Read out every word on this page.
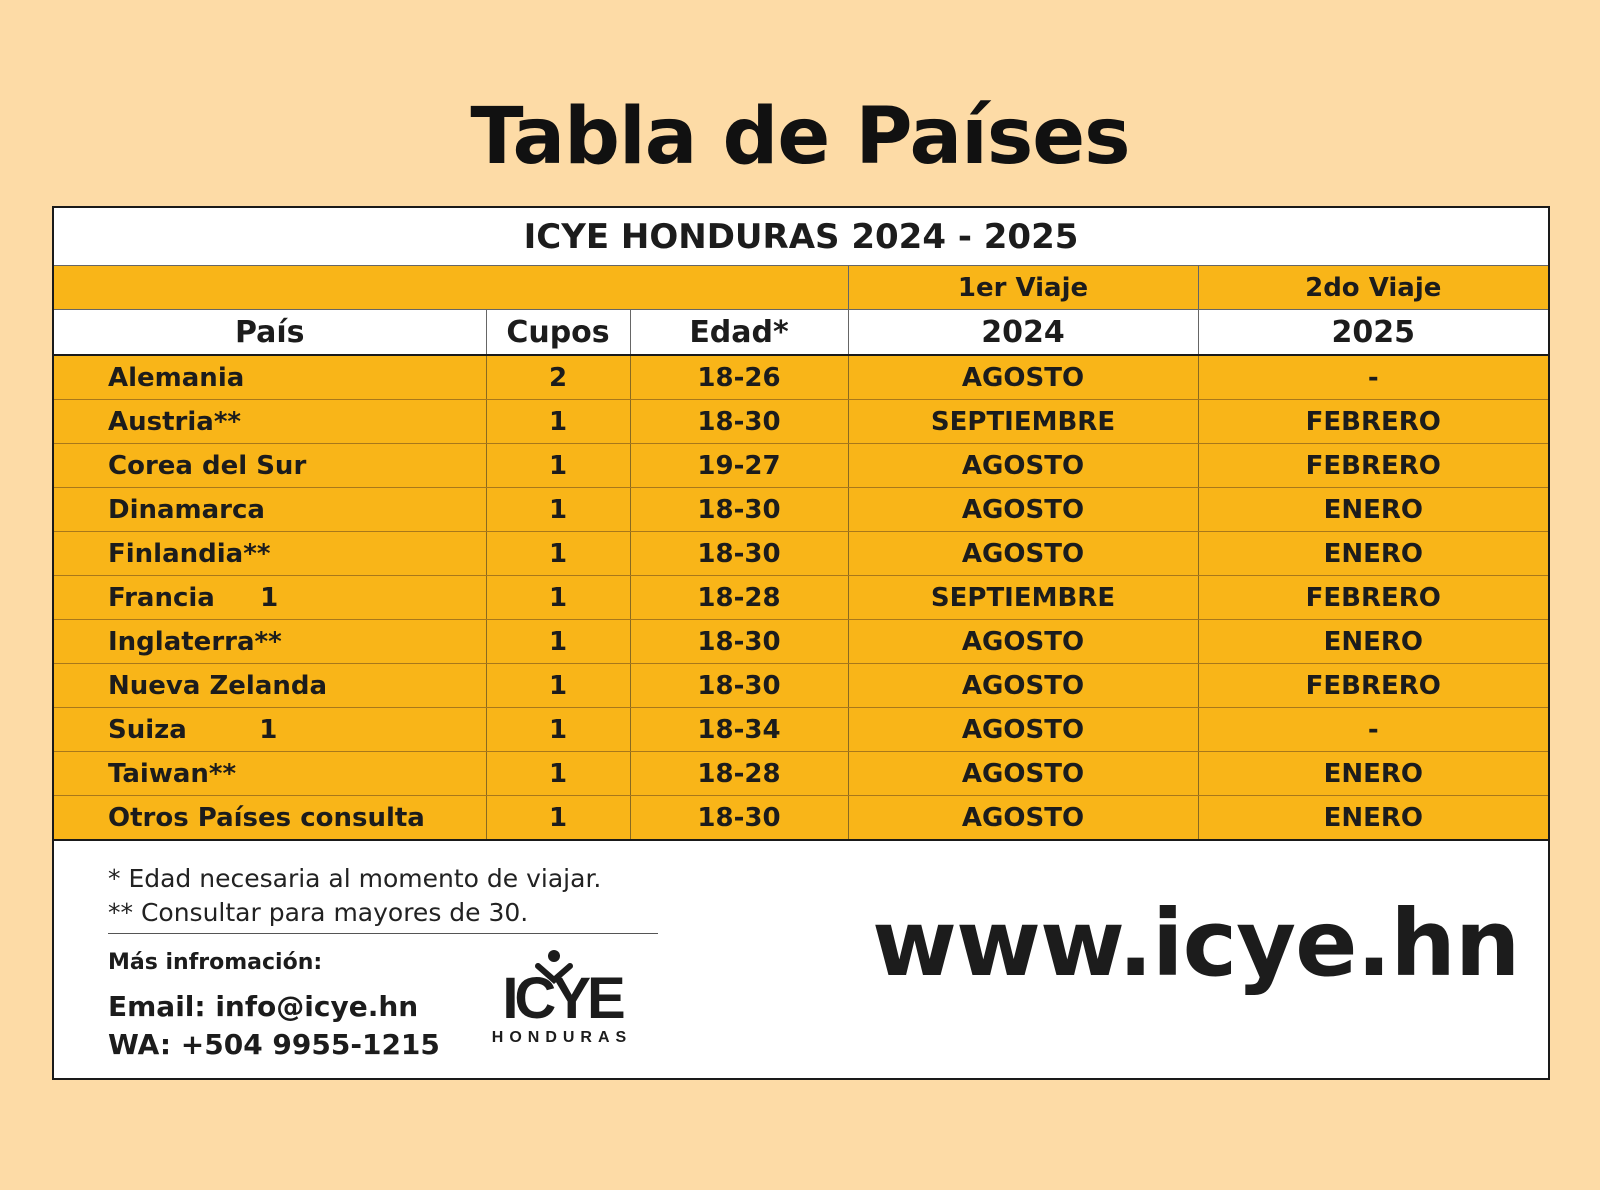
Tabla de Países
ICYE HONDURAS 2024 - 2025				
			1er Viaje	2do Viaje
País	Cupos	Edad*	2024	2025
Alemania	2	18-26	AGOSTO	-
Austria**	1	18-30	SEPTIEMBRE	FEBRERO
Corea del Sur	1	19-27	AGOSTO	FEBRERO
Dinamarca	1	18-30	AGOSTO	ENERO
Finlandia**	1	18-30	AGOSTO	ENERO
Francia     1	1	18-28	SEPTIEMBRE	FEBRERO
Inglaterra**	1	18-30	AGOSTO	ENERO
Nueva Zelanda	1	18-30	AGOSTO	FEBRERO
Suiza        1	1	18-34	AGOSTO	-
Taiwan**	1	18-28	AGOSTO	ENERO
Otros Países consulta	1	18-30	AGOSTO	ENERO
* Edad necesaria al momento de viajar.
** Consultar para mayores de 30.
Más infromación:
Email: info@icye.hn
WA: +504 9955-1215
ICYE
HONDURAS
www.icye.hn
